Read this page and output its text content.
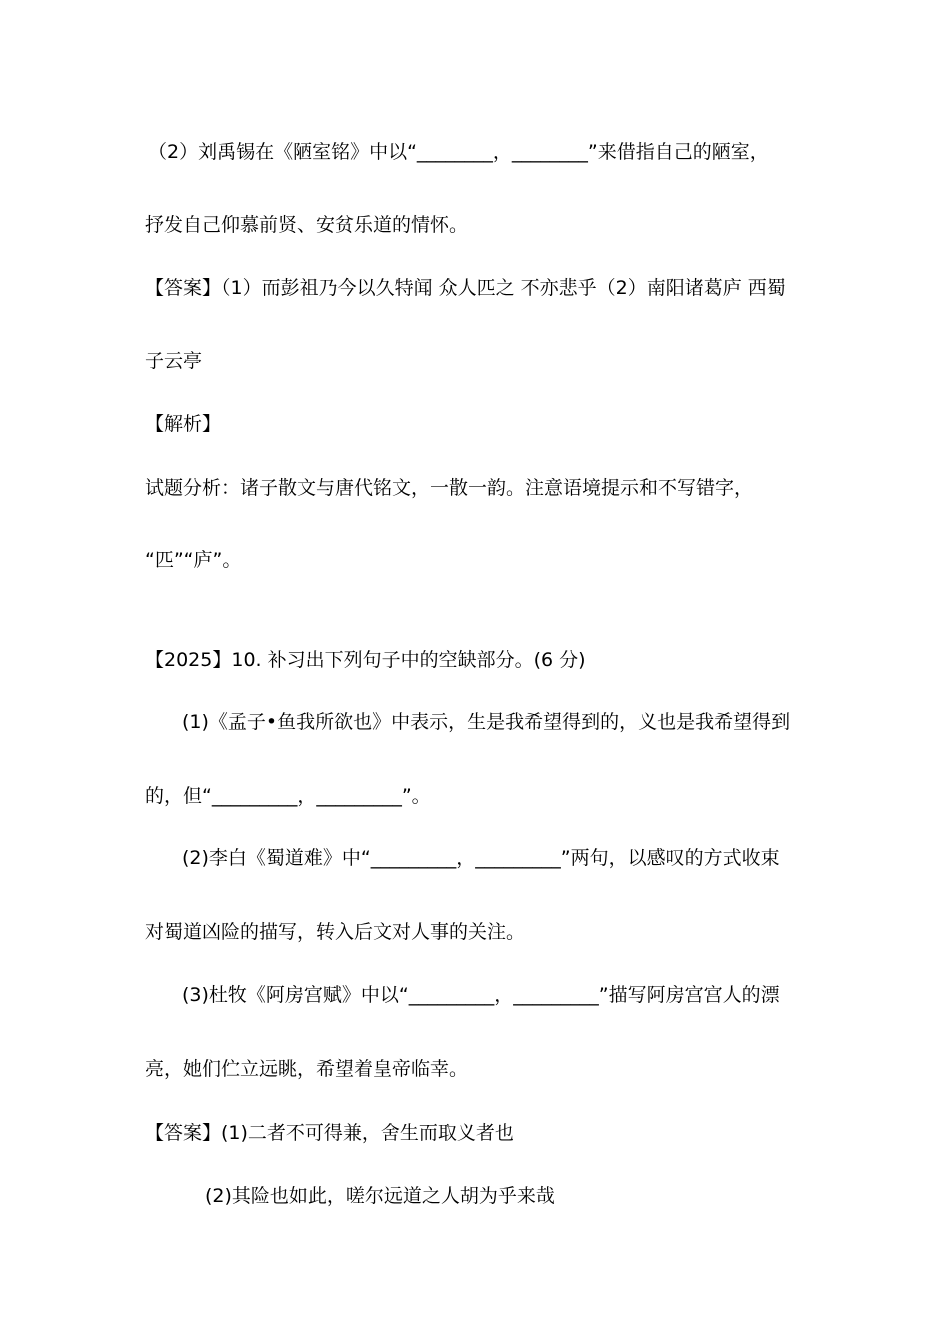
（2）刘禹锡在《陋室铭》中以“________，________”来借指自己的陋室，
抒发自己仰慕前贤、安贫乐道的情怀。
【答案】（1）而彭祖乃今以久特闻 众人匹之 不亦悲乎（2）南阳诸葛庐 西蜀
子云亭
【解析】
试题分析：诸子散文与唐代铭文，一散一韵。注意语境提示和不写错字，
“匹”“庐”。
【2025】10. 补习出下列句子中的空缺部分。(6 分)
(1)《孟子•鱼我所欲也》中表示，生是我希望得到的，义也是我希望得到
的，但“_________，_________”。
(2)李白《蜀道难》中“_________，_________”两句，以感叹的方式收束
对蜀道凶险的描写，转入后文对人事的关注。
(3)杜牧《阿房宫赋》中以“_________，_________”描写阿房宫宫人的漂
亮，她们伫立远眺，希望着皇帝临幸。
【答案】(1)二者不可得兼，舍生而取义者也
(2)其险也如此，嗟尔远道之人胡为乎来哉
